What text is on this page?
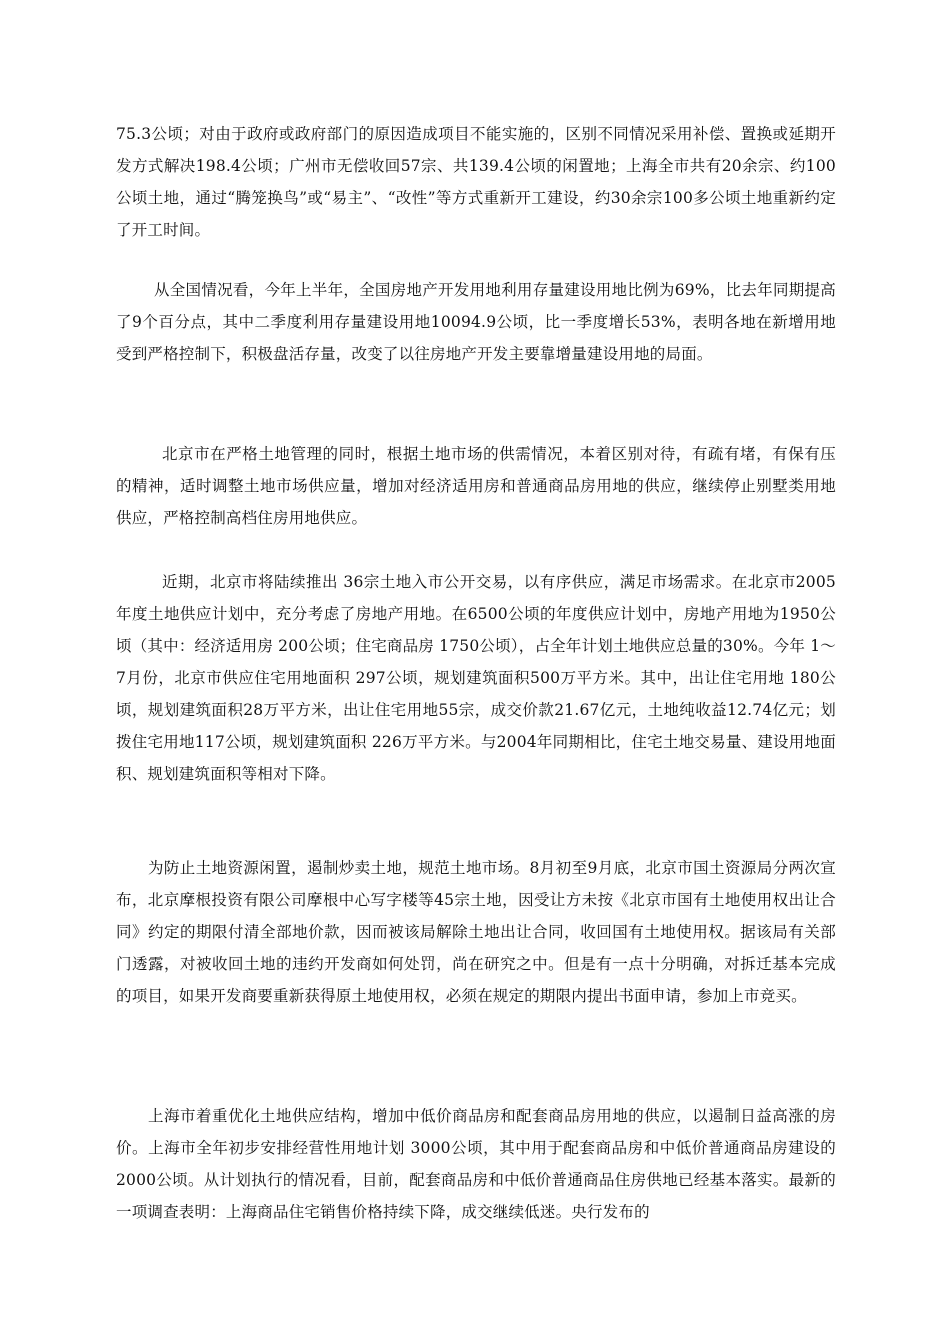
75.3公顷；对由于政府或政府部门的原因造成项目不能实施的，区别不同情况采用补偿、置换或延期开发方式解决198.4公顷；广州市无偿收回57宗、共139.4公顷的闲置地；上海全市共有20余宗、约100公顷土地，通过“腾笼换鸟”或“易主”、“改性”等方式重新开工建设，约30余宗100多公顷土地重新约定了开工时间。

从全国情况看，今年上半年，全国房地产开发用地利用存量建设用地比例为69%，比去年同期提高了9个百分点，其中二季度利用存量建设用地10094.9公顷，比一季度增长53%，表明各地在新增用地受到严格控制下，积极盘活存量，改变了以往房地产开发主要靠增量建设用地的局面。

北京市在严格土地管理的同时，根据土地市场的供需情况，本着区别对待，有疏有堵，有保有压的精神，适时调整土地市场供应量，增加对经济适用房和普通商品房用地的供应，继续停止别墅类用地供应，严格控制高档住房用地供应。

近期，北京市将陆续推出 36宗土地入市公开交易，以有序供应，满足市场需求。在北京市2005年度土地供应计划中，充分考虑了房地产用地。在6500公顷的年度供应计划中，房地产用地为1950公顷（其中：经济适用房 200公顷；住宅商品房 1750公顷），占全年计划土地供应总量的30%。今年 1～7月份，北京市供应住宅用地面积 297公顷，规划建筑面积500万平方米。其中，出让住宅用地 180公顷，规划建筑面积28万平方米，出让住宅用地55宗，成交价款21.67亿元，土地纯收益12.74亿元；划拨住宅用地117公顷，规划建筑面积 226万平方米。与2004年同期相比，住宅土地交易量、建设用地面积、规划建筑面积等相对下降。

为防止土地资源闲置，遏制炒卖土地，规范土地市场。8月初至9月底，北京市国土资源局分两次宣布，北京摩根投资有限公司摩根中心写字楼等45宗土地，因受让方未按《北京市国有土地使用权出让合同》约定的期限付清全部地价款，因而被该局解除土地出让合同，收回国有土地使用权。据该局有关部门透露，对被收回土地的违约开发商如何处罚，尚在研究之中。但是有一点十分明确，对拆迁基本完成的项目，如果开发商要重新获得原土地使用权，必须在规定的期限内提出书面申请，参加上市竞买。

上海市着重优化土地供应结构，增加中低价商品房和配套商品房用地的供应，以遏制日益高涨的房价。上海市全年初步安排经营性用地计划 3000公顷，其中用于配套商品房和中低价普通商品房建设的 2000公顷。从计划执行的情况看，目前，配套商品房和中低价普通商品住房供地已经基本落实。最新的一项调查表明：上海商品住宅销售价格持续下降，成交继续低迷。央行发布的
